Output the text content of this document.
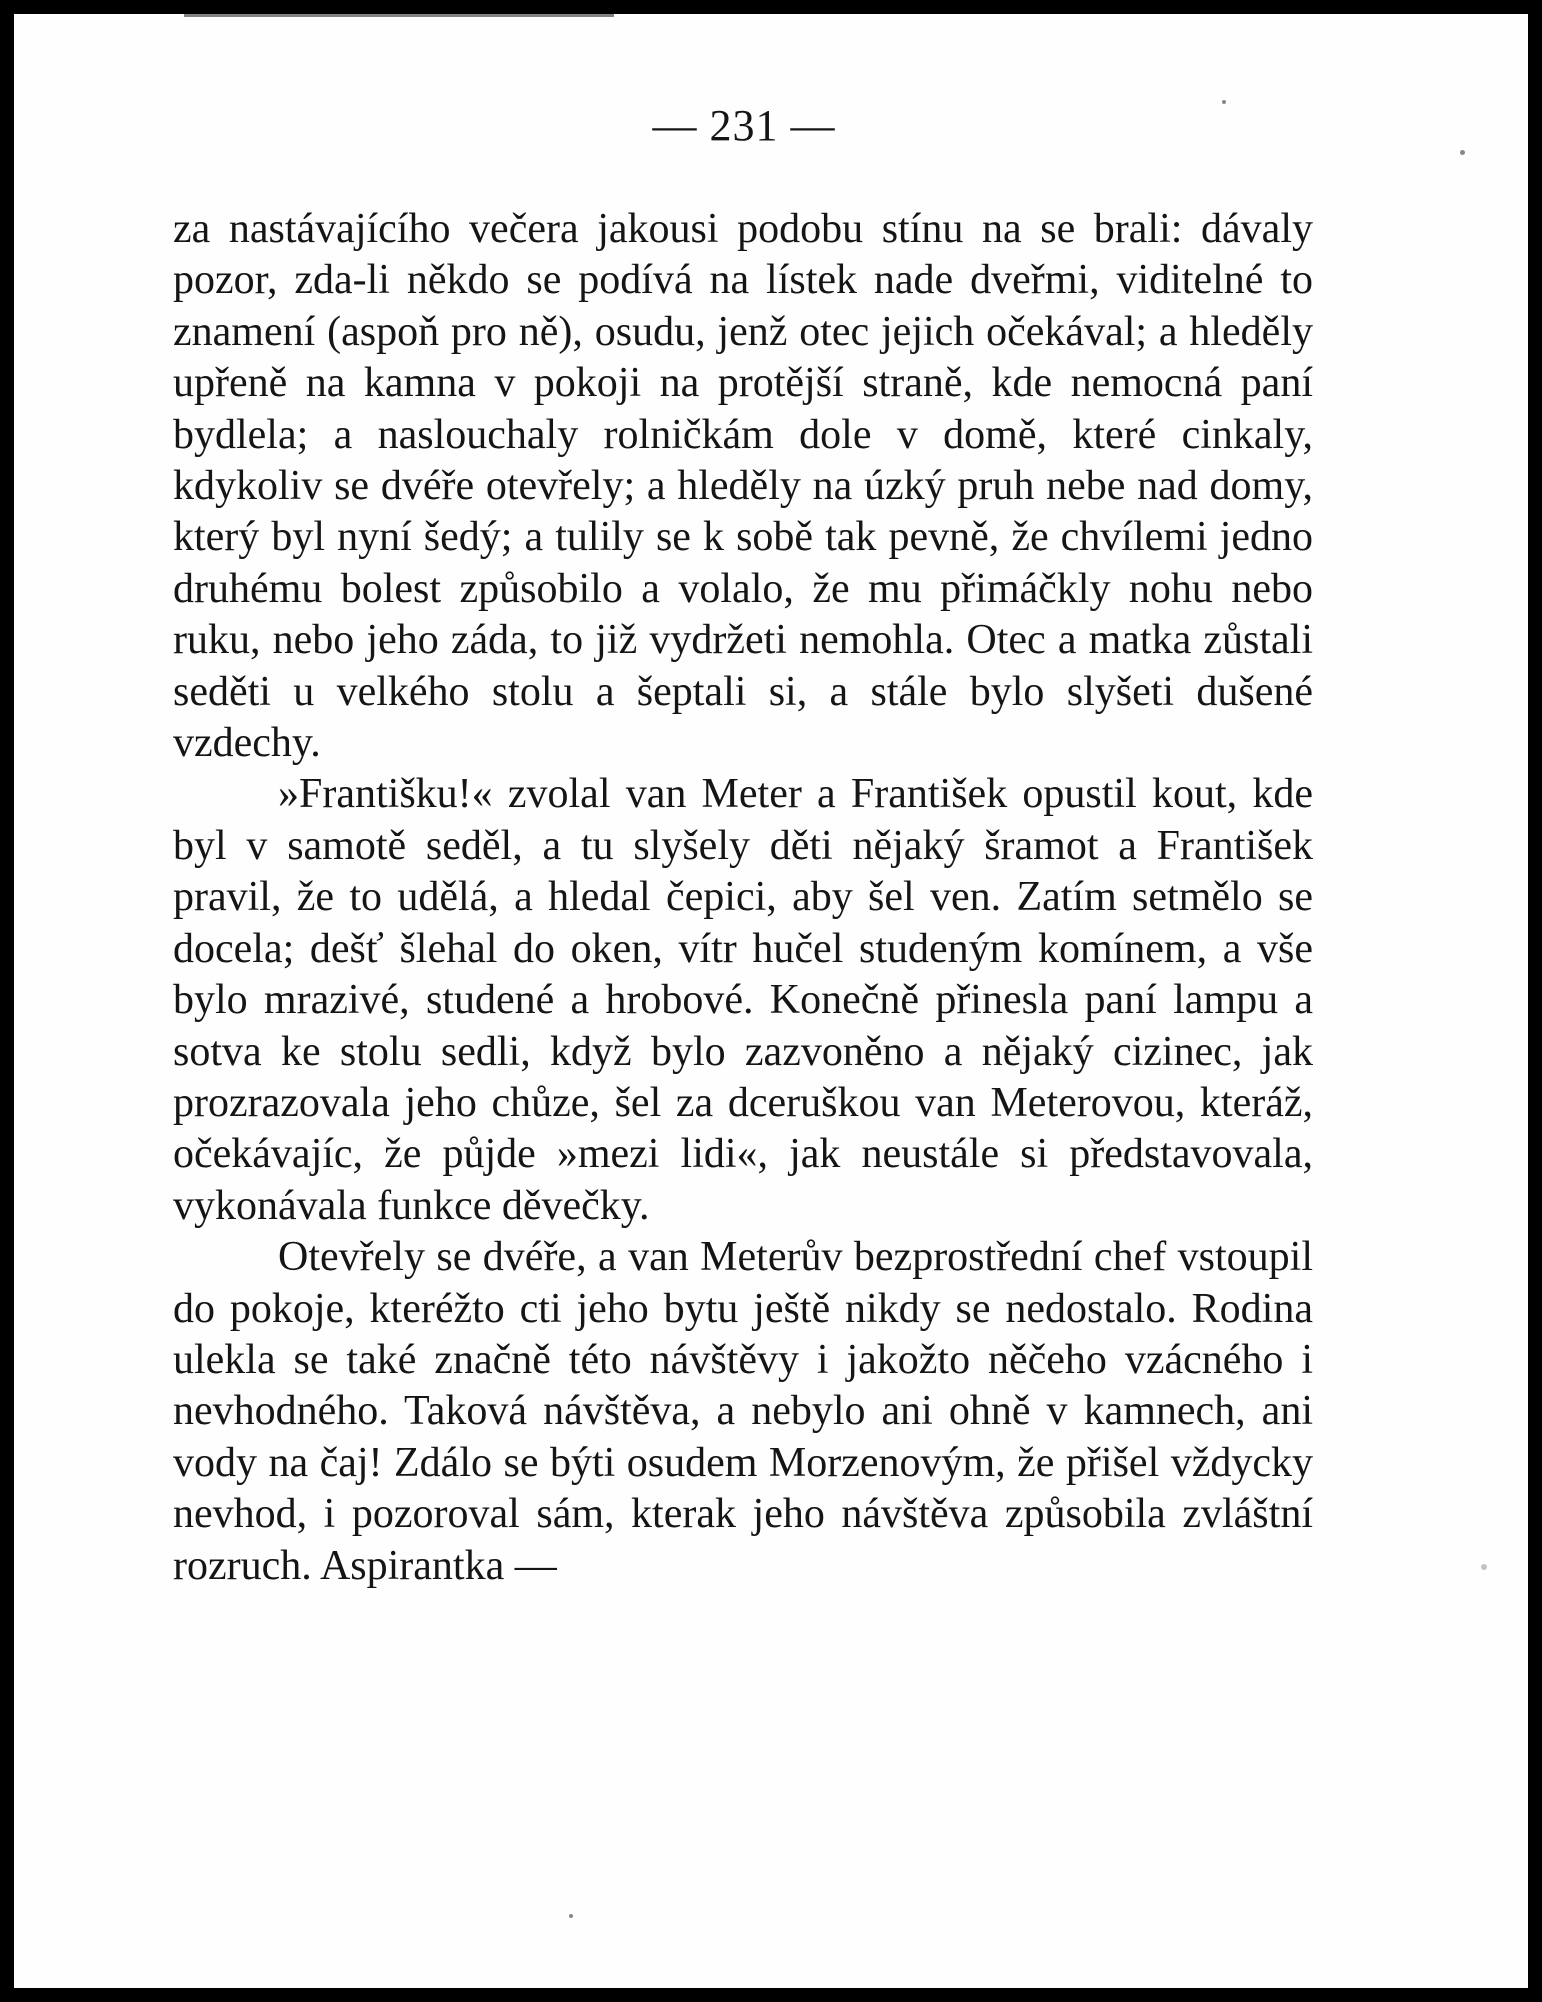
— 231 —

za nastávajícího večera jakousi podobu stínu na se brali: dávaly pozor, zda-li někdo se podívá na lístek nade dveřmi, viditelné to znamení (aspoň pro ně), osudu, jenž otec jejich očekával; a hleděly upřeně na kamna v pokoji na protější straně, kde nemocná paní bydlela; a naslouchaly rolničkám dole v domě, které cinkaly, kdykoliv se dvéře otevřely; a hleděly na úzký pruh nebe nad domy, který byl nyní šedý; a tulily se k sobě tak pevně, že chvílemi jedno druhému bolest způsobilo a volalo, že mu přimáčkly nohu nebo ruku, nebo jeho záda, to již vydržeti nemohla. Otec a matka zůstali seděti u velkého stolu a šeptali si, a stále bylo slyšeti dušené vzdechy.

»Františku!« zvolal van Meter a František opustil kout, kde byl v samotě seděl, a tu slyšely děti nějaký šramot a František pravil, že to udělá, a hledal čepici, aby šel ven. Zatím setmělo se docela; dešť šlehal do oken, vítr hučel studeným komínem, a vše bylo mrazivé, studené a hrobové. Konečně přinesla paní lampu a sotva ke stolu sedli, když bylo zazvoněno a nějaký cizinec, jak prozrazovala jeho chůze, šel za dceruškou van Meterovou, kteráž, očekávajíc, že půjde »mezi lidi«, jak neustále si představovala, vykonávala funkce děvečky.

Otevřely se dvéře, a van Meterův bezprostřední chef vstoupil do pokoje, kteréžto cti jeho bytu ještě nikdy se nedostalo. Rodina ulekla se také značně této návštěvy i jakožto něčeho vzácného i nevhodného. Taková návštěva, a nebylo ani ohně v kamnech, ani vody na čaj! Zdálo se býti osudem Morzenovým, že přišel vždycky nevhod, i pozoroval sám, kterak jeho návštěva způsobila zvláštní rozruch. Aspirantka —
